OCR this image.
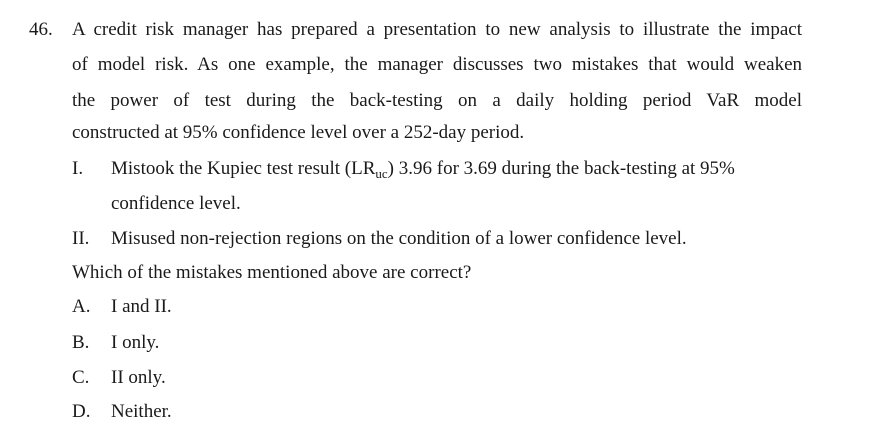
46. A credit risk manager has prepared a presentation to new analysis to illustrate the impact
of model risk. As one example, the manager discusses two mistakes that would weaken
the power of test during the back-testing on a daily holding period VaR model
constructed at 95% confidence level over a 252-day period.
I. Mistook the Kupiec test result $(LR_{uc})$ 3.96 for 3.69 during the back-testing at 95%
confidence level.
II. Misused non-rejection regions on the condition of a lower confidence level.
Which of the mistakes mentioned above are correct?
A. I and II.
B. I only.
C. II only.
D. Neither.
